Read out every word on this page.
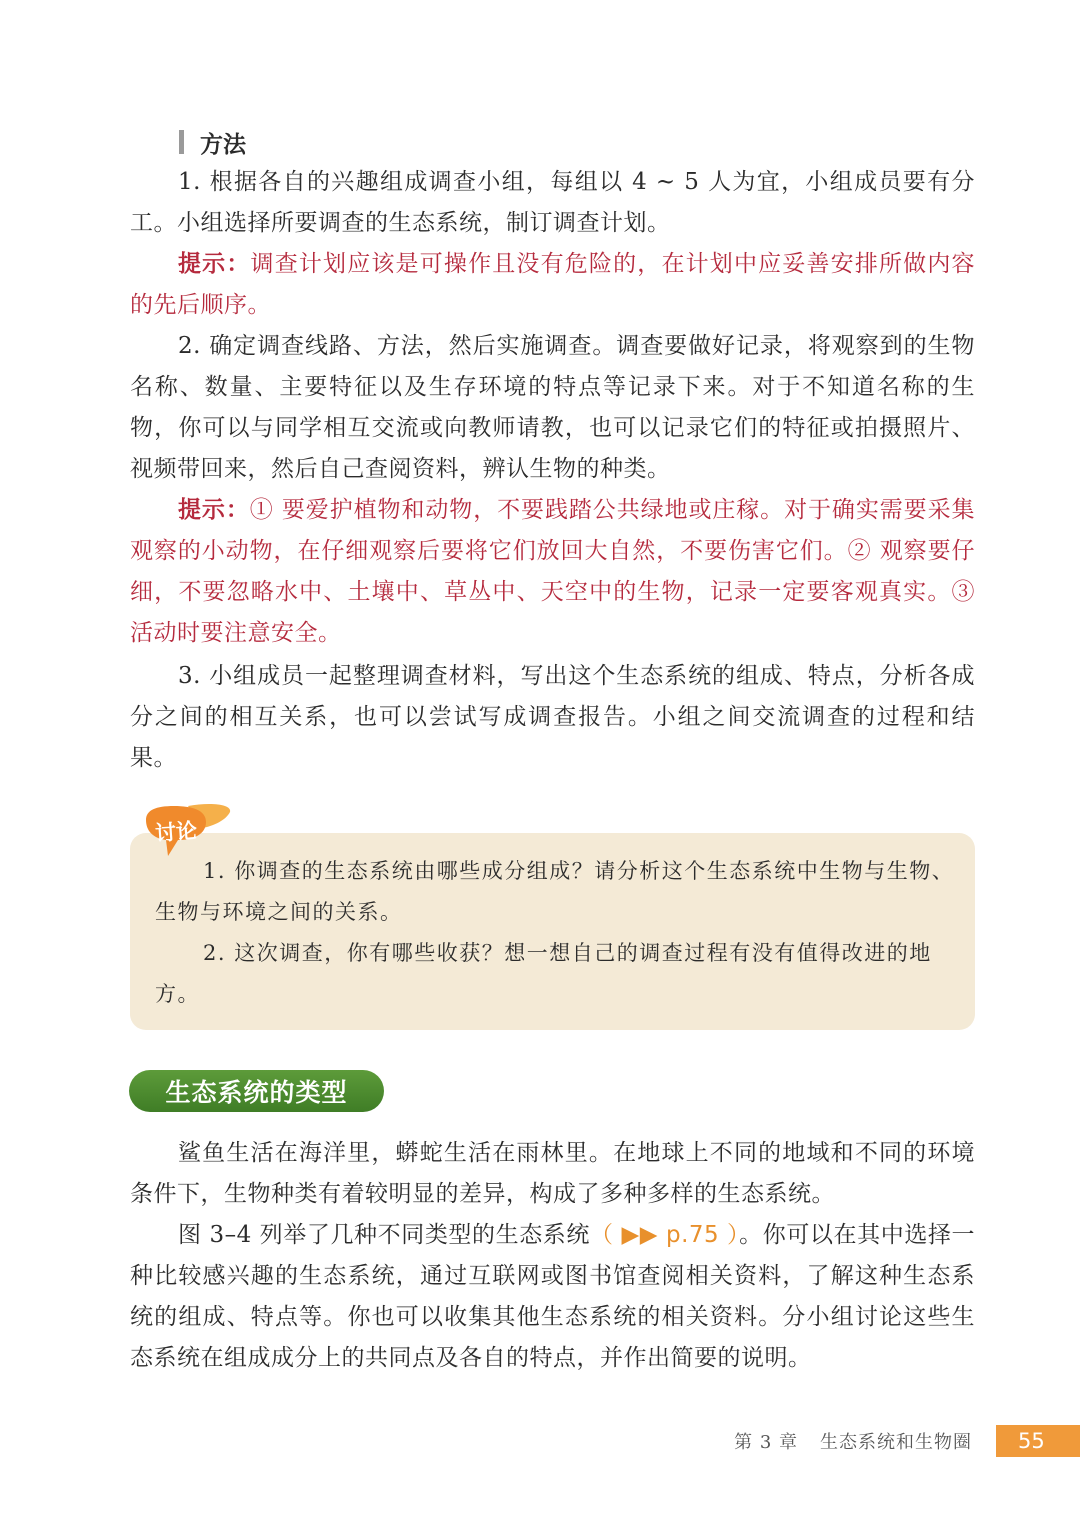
方法

1. 根据各自的兴趣组成调查小组，每组以 4 ~ 5 人为宜，小组成员要有分工。小组选择所要调查的生态系统，制订调查计划。

提示：调查计划应该是可操作且没有危险的，在计划中应妥善安排所做内容的先后顺序。

2. 确定调查线路、方法，然后实施调查。调查要做好记录，将观察到的生物名称、数量、主要特征以及生存环境的特点等记录下来。对于不知道名称的生物，你可以与同学相互交流或向教师请教，也可以记录它们的特征或拍摄照片、视频带回来，然后自己查阅资料，辨认生物的种类。

提示：① 要爱护植物和动物，不要践踏公共绿地或庄稼。对于确实需要采集观察的小动物，在仔细观察后要将它们放回大自然，不要伤害它们。② 观察要仔细，不要忽略水中、土壤中、草丛中、天空中的生物，记录一定要客观真实。③ 活动时要注意安全。

3. 小组成员一起整理调查材料，写出这个生态系统的组成、特点，分析各成分之间的相互关系，也可以尝试写成调查报告。小组之间交流调查的过程和结果。

讨论

1. 你调查的生态系统由哪些成分组成？请分析这个生态系统中生物与生物、生物与环境之间的关系。

2. 这次调查，你有哪些收获？想一想自己的调查过程有没有值得改进的地方。

生态系统的类型

鲨鱼生活在海洋里，蟒蛇生活在雨林里。在地球上不同的地域和不同的环境条件下，生物种类有着较明显的差异，构成了多种多样的生态系统。

图 3–4 列举了几种不同类型的生态系统（ ▶▶ p.75 ）。你可以在其中选择一种比较感兴趣的生态系统，通过互联网或图书馆查阅相关资料，了解这种生态系统的组成、特点等。你也可以收集其他生态系统的相关资料。分小组讨论这些生态系统在组成成分上的共同点及各自的特点，并作出简要的说明。

第 3 章 生态系统和生物圈	55
